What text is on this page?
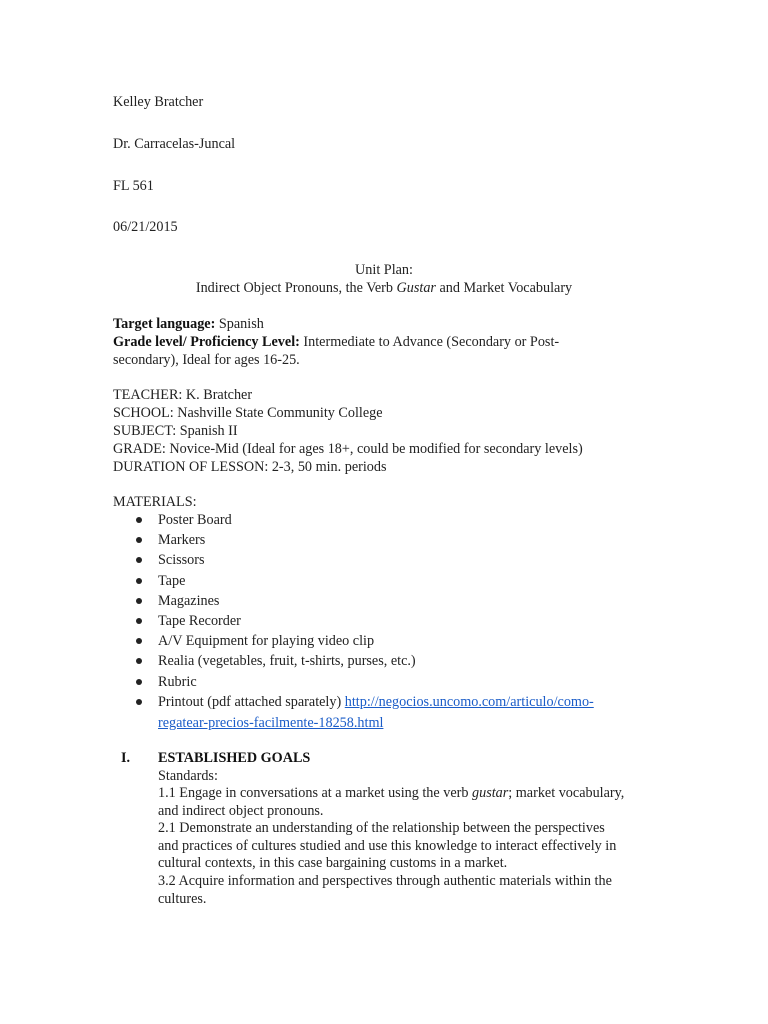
Kelley Bratcher
Dr. Carracelas-Juncal
FL 561
06/21/2015
Unit Plan:
Indirect Object Pronouns, the Verb Gustar and Market Vocabulary
Target language: Spanish
Grade level/ Proficiency Level: Intermediate to Advance (Secondary or Post-
secondary), Ideal for ages 16-25.
TEACHER: K. Bratcher
SCHOOL: Nashville State Community College
SUBJECT: Spanish II
GRADE: Novice-Mid (Ideal for ages 18+, could be modified for secondary levels)
DURATION OF LESSON: 2-3, 50 min. periods
MATERIALS:
Poster Board
Markers
Scissors
Tape
Magazines
Tape Recorder
A/V Equipment for playing video clip
Realia (vegetables, fruit, t-shirts, purses, etc.)
Rubric
Printout (pdf attached sparately) http://negocios.uncomo.com/articulo/como-
regatear-precios-facilmente-18258.html
I. ESTABLISHED GOALS
Standards:

1.1 Engage in conversations at a market using the verb gustar; market vocabulary,

and indirect object pronouns.

2.1 Demonstrate an understanding of the relationship between the perspectives

and practices of cultures studied and use this knowledge to interact effectively in

cultural contexts, in this case bargaining customs in a market.

3.2 Acquire information and perspectives through authentic materials within the

cultures.
